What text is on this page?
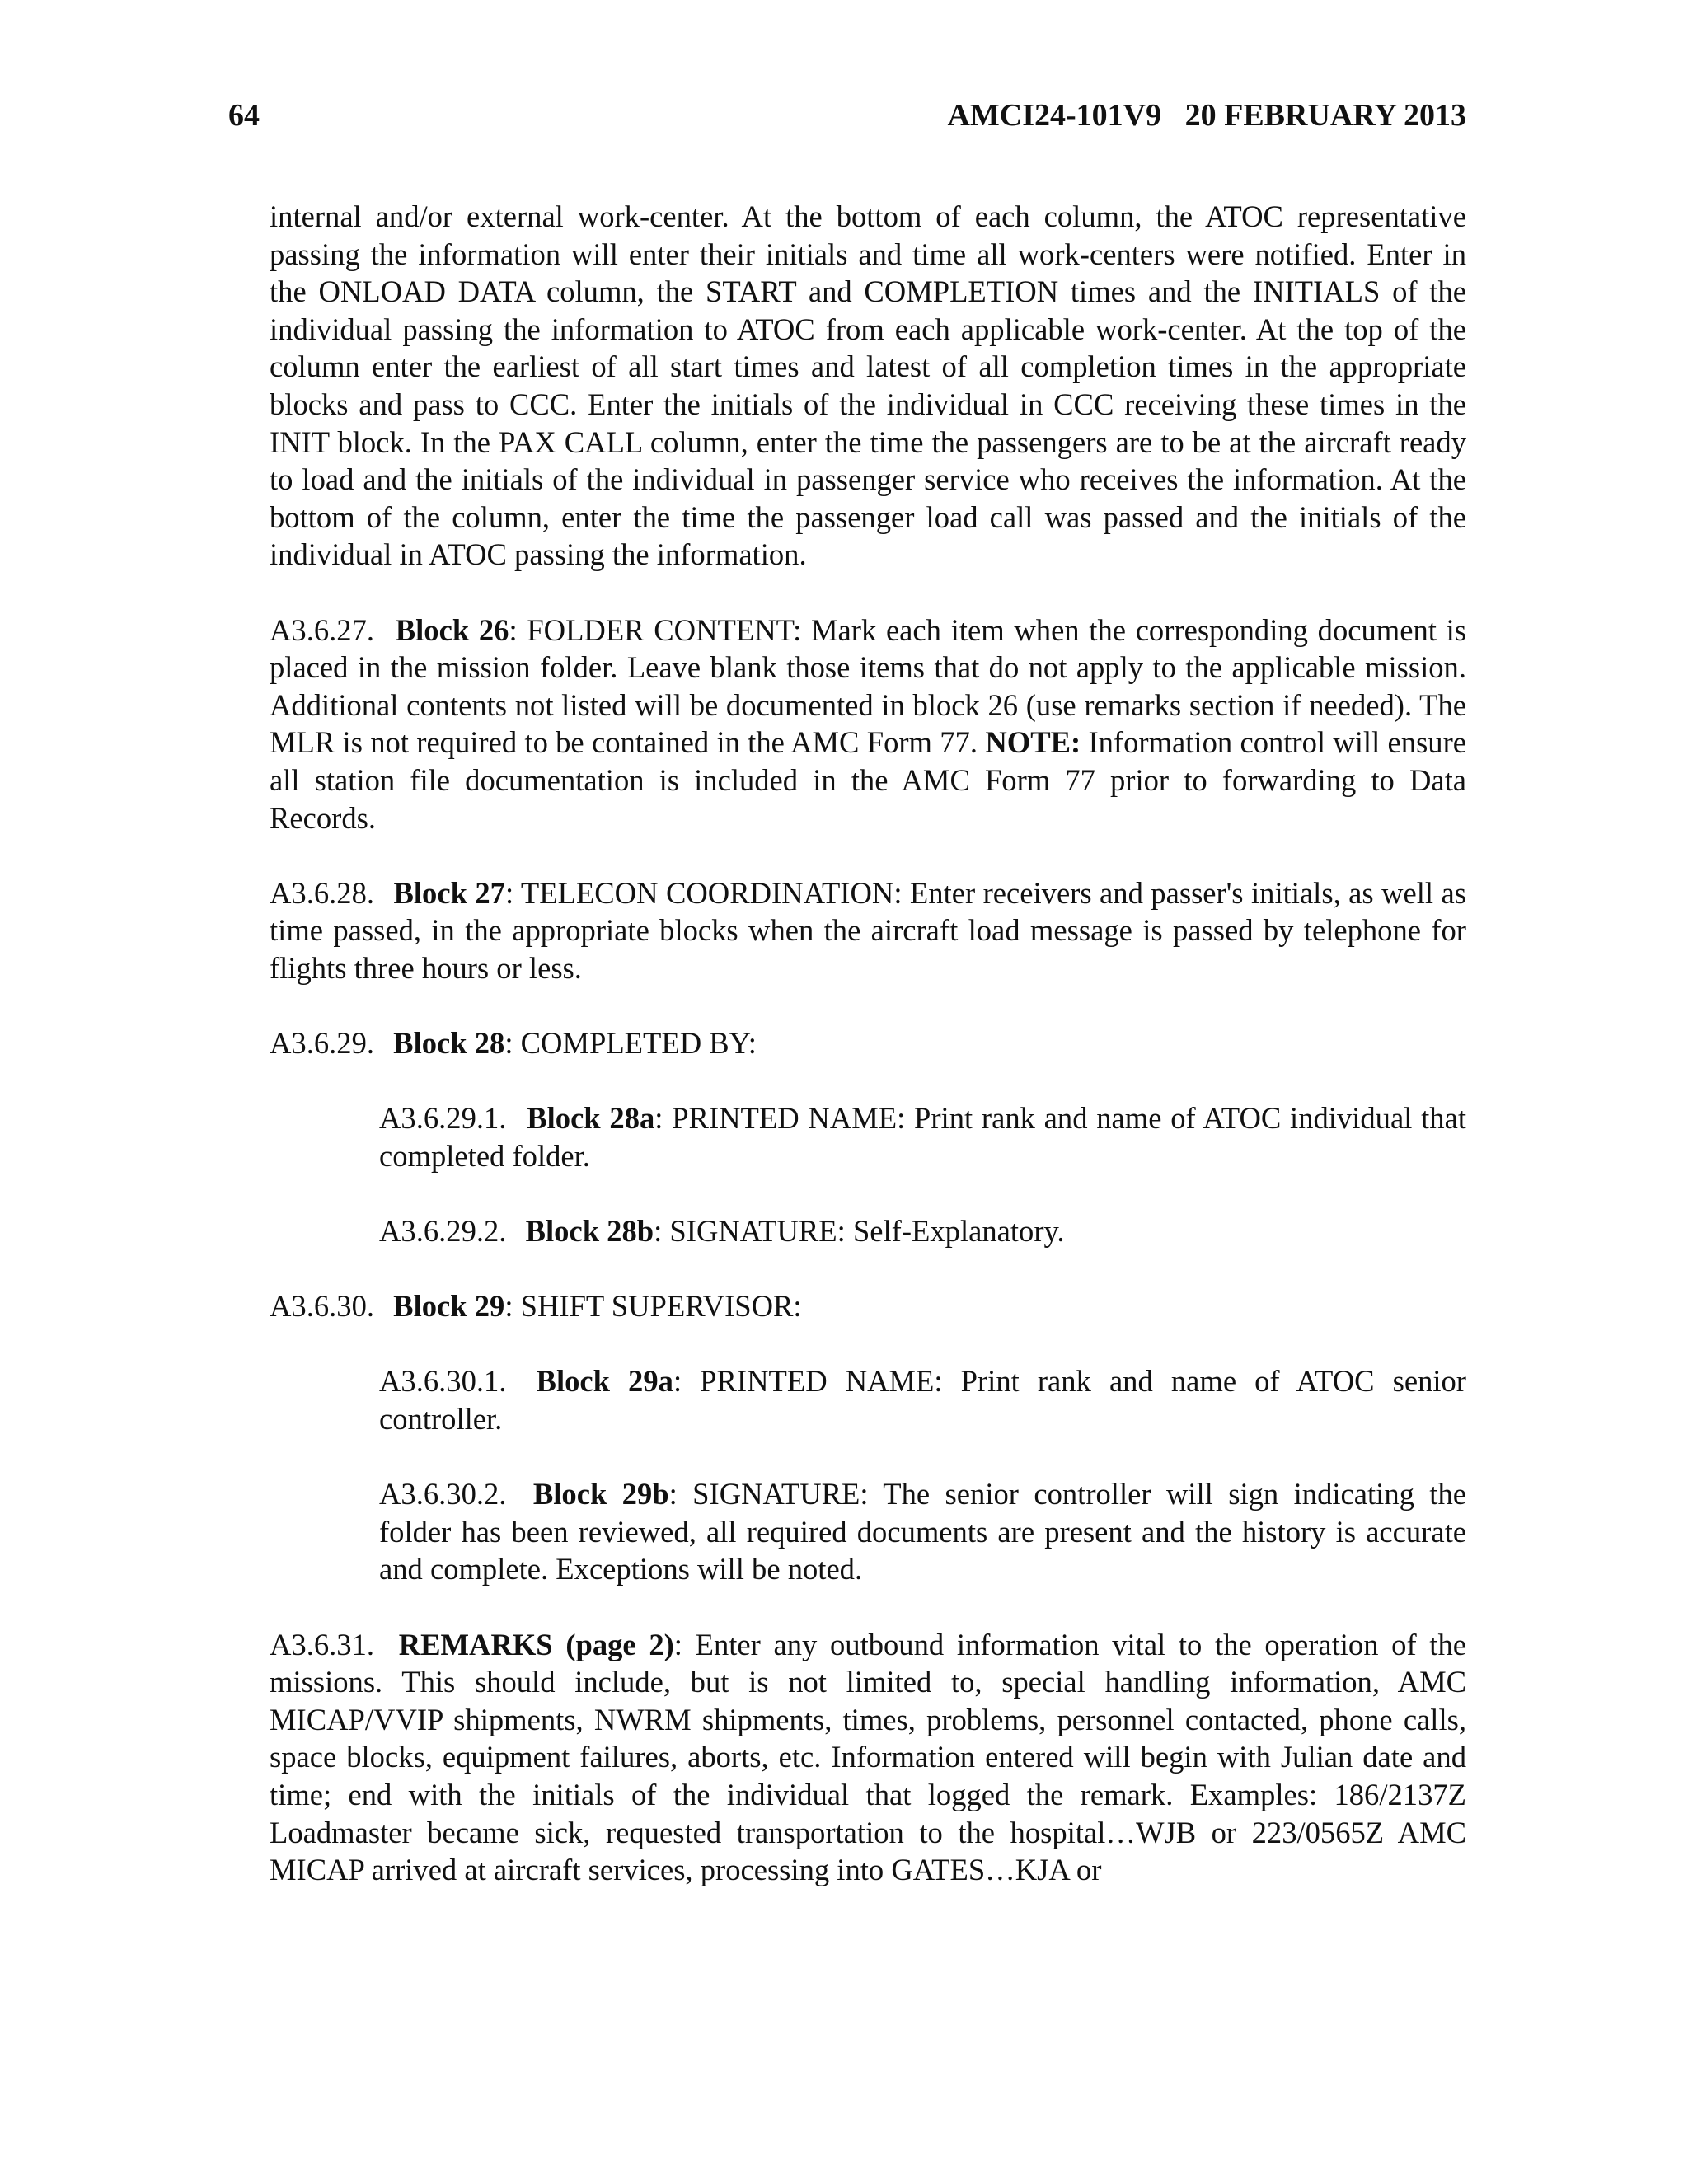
64	AMCI24-101V9   20 FEBRUARY 2013

internal and/or external work-center. At the bottom of each column, the ATOC representative passing the information will enter their initials and time all work-centers were notified. Enter in the ONLOAD DATA column, the START and COMPLETION times and the INITIALS of the individual passing the information to ATOC from each applicable work-center. At the top of the column enter the earliest of all start times and latest of all completion times in the appropriate blocks and pass to CCC. Enter the initials of the individual in CCC receiving these times in the INIT block. In the PAX CALL column, enter the time the passengers are to be at the aircraft ready to load and the initials of the individual in passenger service who receives the information. At the bottom of the column, enter the time the passenger load call was passed and the initials of the individual in ATOC passing the information.

A3.6.27. Block 26: FOLDER CONTENT: Mark each item when the corresponding document is placed in the mission folder. Leave blank those items that do not apply to the applicable mission. Additional contents not listed will be documented in block 26 (use remarks section if needed). The MLR is not required to be contained in the AMC Form 77. NOTE: Information control will ensure all station file documentation is included in the AMC Form 77 prior to forwarding to Data Records.

A3.6.28. Block 27: TELECON COORDINATION: Enter receivers and passer's initials, as well as time passed, in the appropriate blocks when the aircraft load message is passed by telephone for flights three hours or less.

A3.6.29. Block 28: COMPLETED BY:

A3.6.29.1. Block 28a: PRINTED NAME: Print rank and name of ATOC individual that completed folder.

A3.6.29.2. Block 28b: SIGNATURE: Self-Explanatory.

A3.6.30. Block 29: SHIFT SUPERVISOR:

A3.6.30.1. Block 29a: PRINTED NAME: Print rank and name of ATOC senior controller.

A3.6.30.2. Block 29b: SIGNATURE: The senior controller will sign indicating the folder has been reviewed, all required documents are present and the history is accurate and complete. Exceptions will be noted.

A3.6.31. REMARKS (page 2): Enter any outbound information vital to the operation of the missions. This should include, but is not limited to, special handling information, AMC MICAP/VVIP shipments, NWRM shipments, times, problems, personnel contacted, phone calls, space blocks, equipment failures, aborts, etc. Information entered will begin with Julian date and time; end with the initials of the individual that logged the remark. Examples: 186/2137Z Loadmaster became sick, requested transportation to the hospital…WJB or 223/0565Z AMC MICAP arrived at aircraft services, processing into GATES…KJA or
